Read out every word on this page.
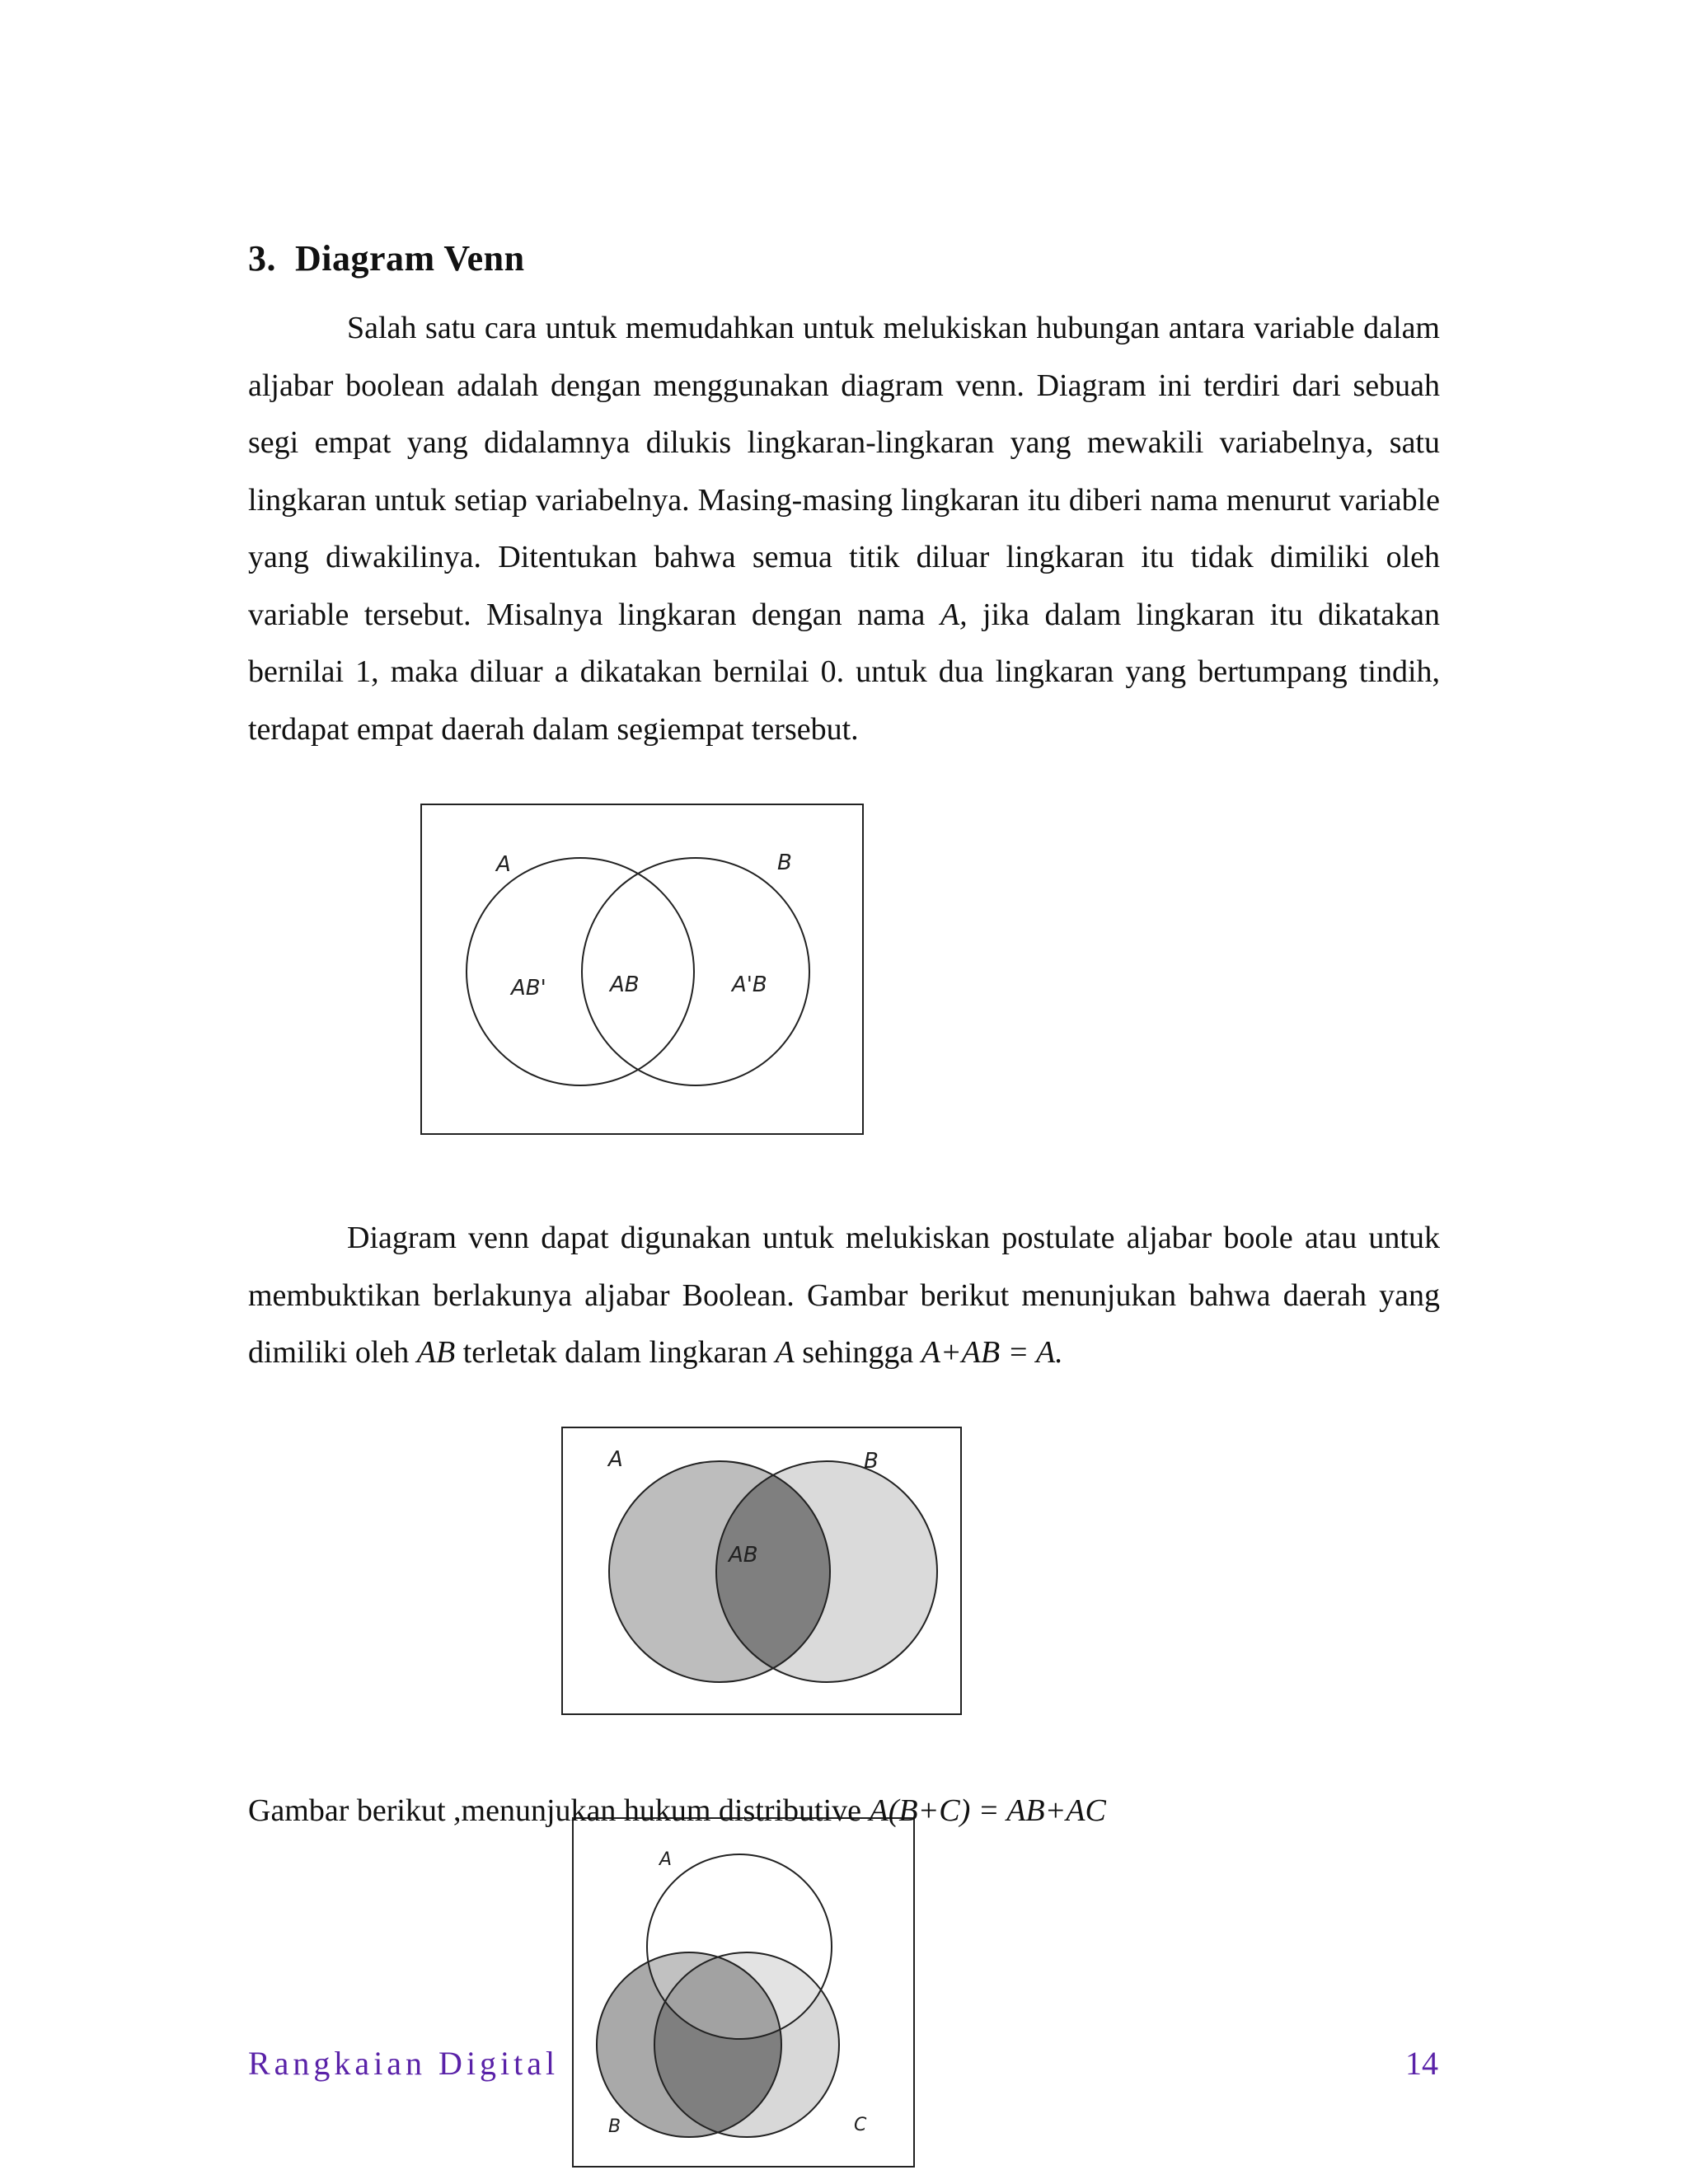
3. Diagram Venn

Salah satu cara untuk memudahkan untuk melukiskan hubungan antara variable dalam aljabar boolean adalah dengan menggunakan diagram venn. Diagram ini terdiri dari sebuah segi empat yang didalamnya dilukis lingkaran-lingkaran yang mewakili variabelnya, satu lingkaran untuk setiap variabelnya. Masing-masing lingkaran itu diberi nama menurut variable yang diwakilinya. Ditentukan bahwa semua titik diluar lingkaran itu tidak dimiliki oleh variable tersebut. Misalnya lingkaran dengan nama A, jika dalam lingkaran itu dikatakan bernilai 1, maka diluar a dikatakan bernilai 0. untuk dua lingkaran yang bertumpang tindih, terdapat empat daerah dalam segiempat tersebut.

A	B
AB'	AB	A'B

Diagram venn dapat digunakan untuk melukiskan postulate aljabar boole atau untuk membuktikan berlakunya aljabar Boolean. Gambar berikut menunjukan bahwa daerah yang dimiliki oleh AB terletak dalam lingkaran A sehingga A+AB = A.

A	B
AB
A
B	C

Gambar berikut ,menunjukan hukum distributive A(B+C) = AB+AC

Rangkaian Digital	14
